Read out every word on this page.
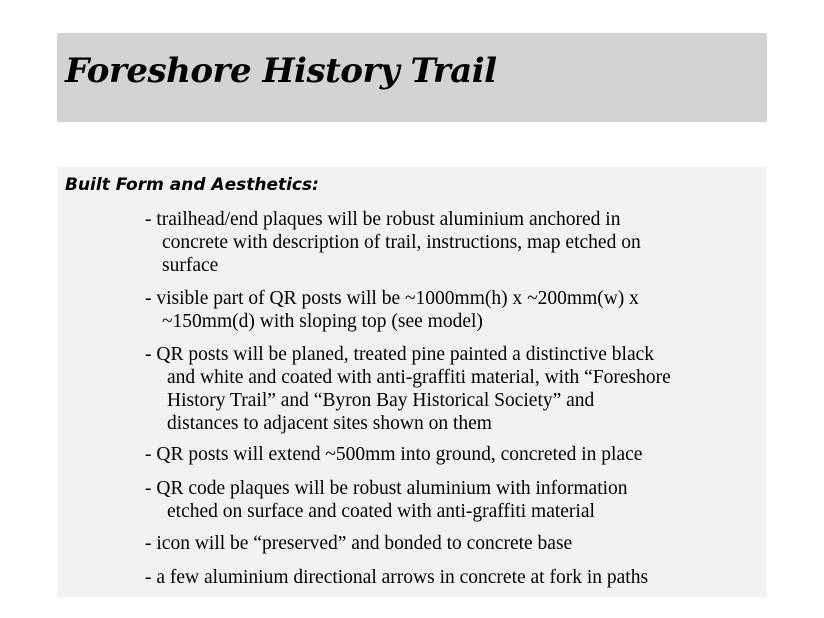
Foreshore History Trail
Built Form and Aesthetics:
- trailhead/end plaques will be robust aluminium anchored in
concrete with description of trail, instructions, map etched on
surface
- visible part of QR posts will be ~1000mm(h) x ~200mm(w) x
~150mm(d) with sloping top (see model)
- QR posts will be planed, treated pine painted a distinctive black
and white and coated with anti-graffiti material, with “Foreshore
History Trail” and “Byron Bay Historical Society” and
distances to adjacent sites shown on them
- QR posts will extend ~500mm into ground, concreted in place
- QR code plaques will be robust aluminium with information
etched on surface and coated with anti-graffiti material
- icon will be “preserved” and bonded to concrete base
- a few aluminium directional arrows in concrete at fork in paths
